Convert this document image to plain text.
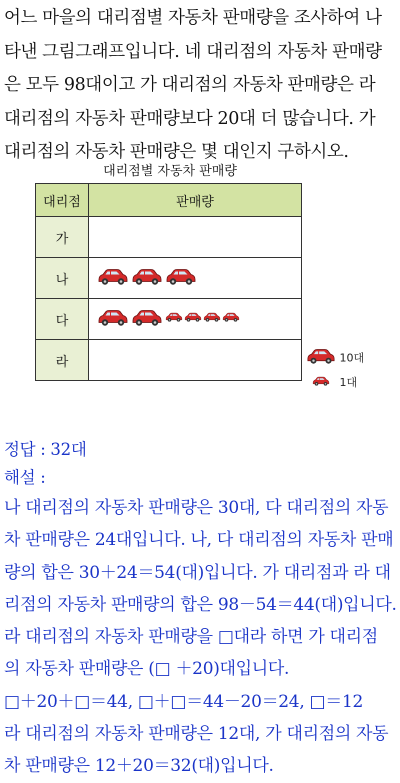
어느 마을의 대리점별 자동차 판매량을 조사하여 나
타낸 그림그래프입니다. 네 대리점의 자동차 판매량
은 모두 98대이고 가 대리점의 자동차 판매량은 라
대리점의 자동차 판매량보다 20대 더 많습니다. 가
대리점의 자동차 판매량은 몇 대인지 구하시오.
대리점별 자동차 판매량
대리점	판매량
가	
나	
다	
라		10대
1대
정답 : 32대
해설 :
나 대리점의 자동차 판매량은 30대, 다 대리점의 자동
차 판매량은 24대입니다. 나, 다 대리점의 자동차 판매
량의 합은 30＋24＝54(대)입니다. 가 대리점과 라 대
리점의 자동차 판매량의 합은 98－54＝44(대)입니다.
라 대리점의 자동차 판매량을 □대라 하면 가 대리점
의 자동차 판매량은 (□ ＋20)대입니다.
□＋20＋□＝44, □＋□＝44－20＝24, □＝12
라 대리점의 자동차 판매량은 12대, 가 대리점의 자동
차 판매량은 12＋20＝32(대)입니다.
